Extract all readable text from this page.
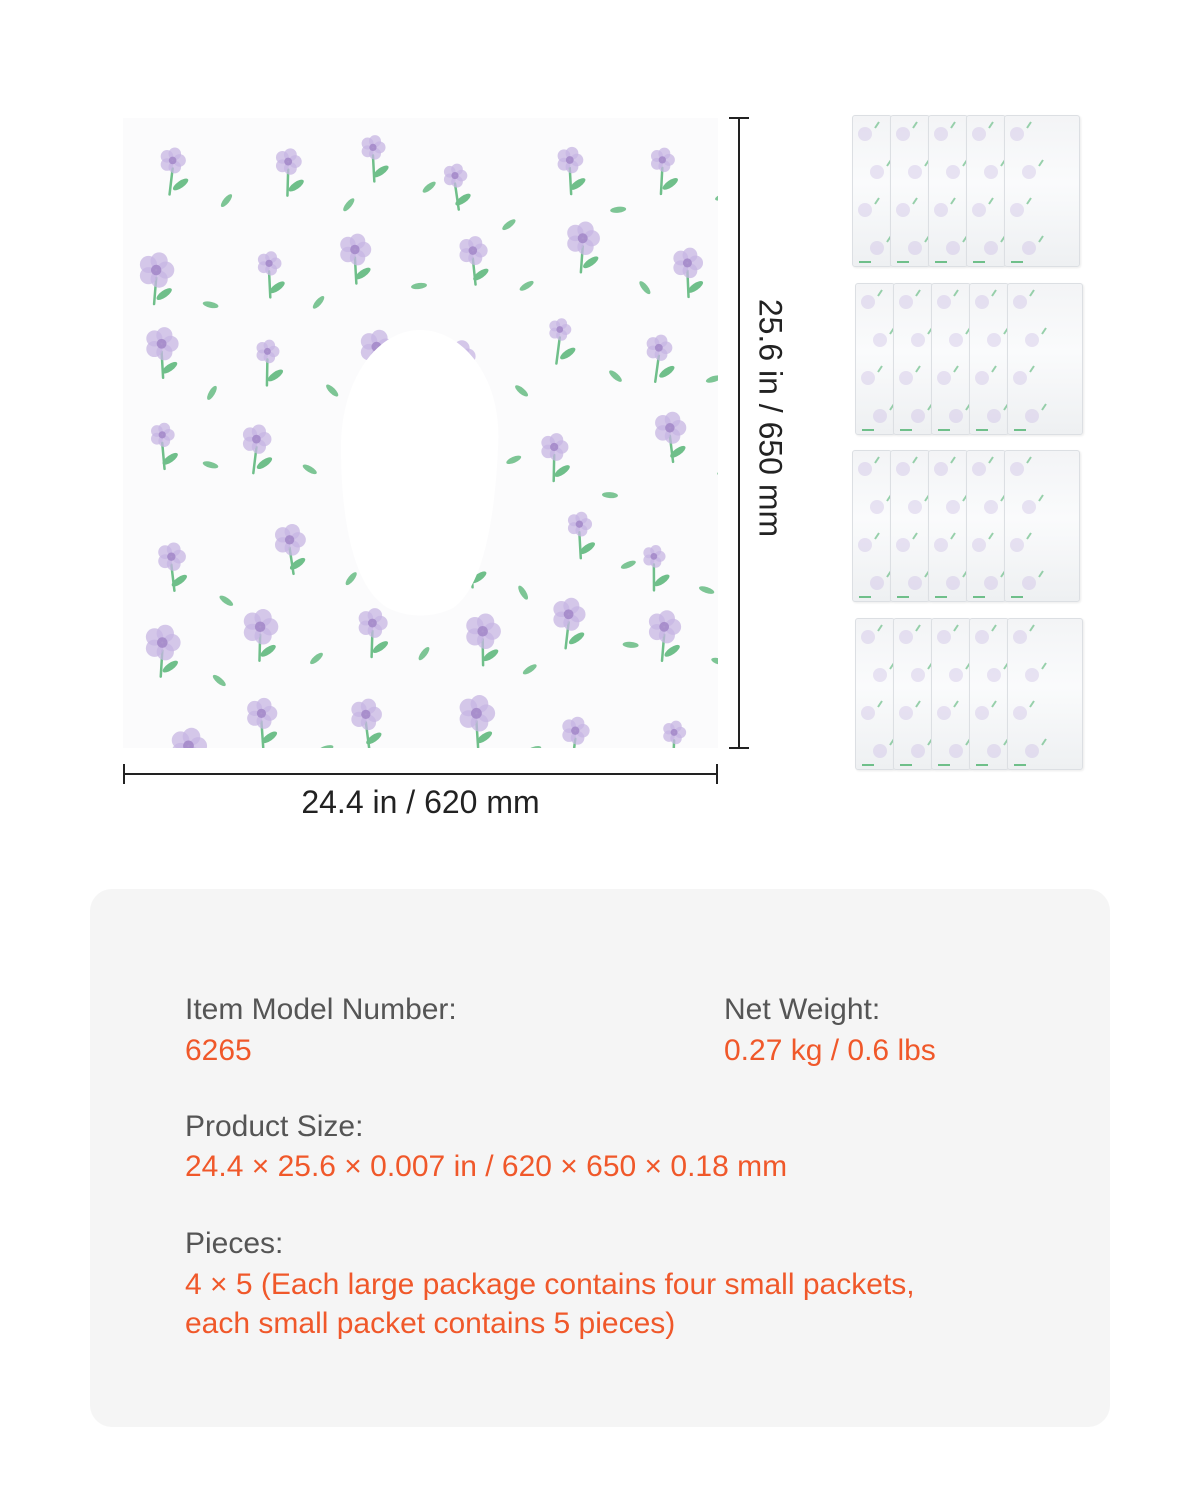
24.4 in / 620 mm
25.6 in / 650 mm
Item Model Number:
6265
Net Weight:
0.27 kg / 0.6 lbs
Product Size:
24.4 × 25.6 × 0.007 in / 620 × 650 × 0.18 mm
Pieces:
4 × 5 (Each large package contains four small packets,
each small packet contains 5 pieces)
